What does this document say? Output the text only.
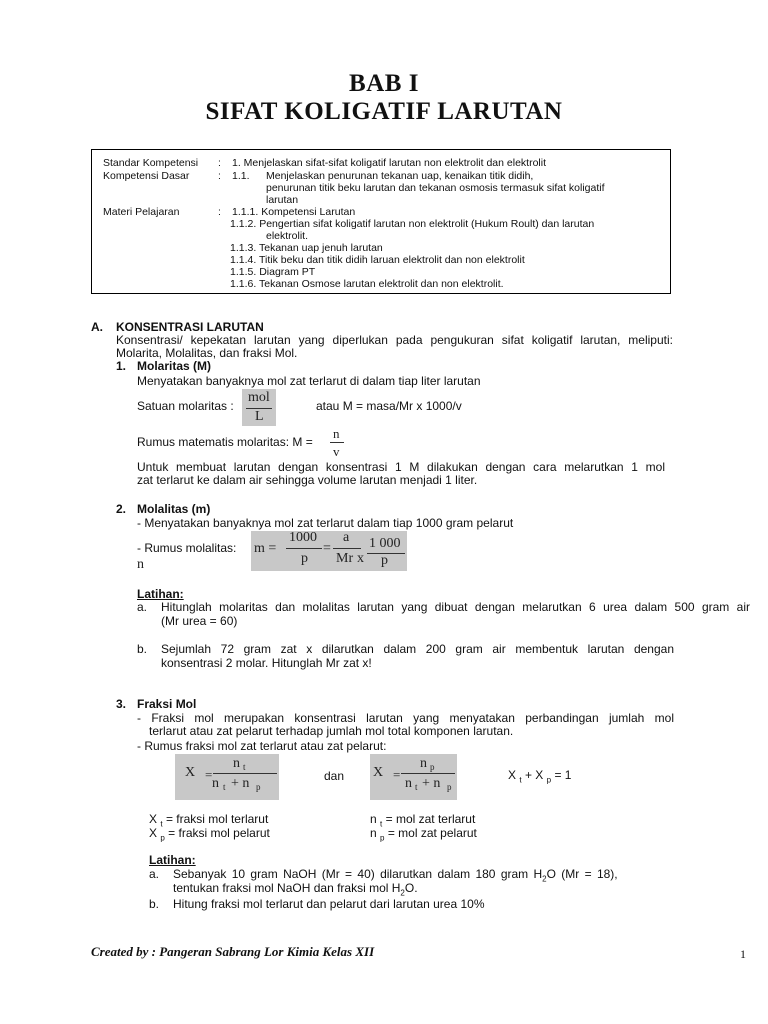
BAB I
SIFAT KOLIGATIF LARUTAN
Standar Kompetensi : 1. Menjelaskan sifat-sifat koligatif larutan non elektrolit dan elektrolit
Kompetensi Dasar	: 1.1. Menjelaskan penurunan tekanan uap, kenaikan titik didih,
penurunan titik beku larutan dan tekanan osmosis termasuk sifat koligatif
larutan
Materi Pelajaran	: 1.1.1. Kompetensi Larutan
1.1.2. Pengertian sifat koligatif larutan non elektrolit (Hukum Roult) dan larutan
elektrolit.
1.1.3. Tekanan uap jenuh larutan
1.1.4. Titik beku dan titik didih laruan elektrolit dan non elektrolit
1.1.5. Diagram PT
1.1.6. Tekanan Osmose larutan elektrolit dan non elektrolit.
A. KONSENTRASI LARUTAN
Konsentrasi/ kepekatan larutan yang diperlukan pada pengukuran sifat koligatif larutan, meliputi:
Molarita, Molalitas, dan fraksi Mol.
1. Molaritas (M)
Menyatakan banyaknya mol zat terlarut di dalam tiap liter larutan
Satuan molaritas :
mol
L
atau M = masa/Mr x 1000/v
Rumus matematis molaritas: M =
n
v
Untuk membuat larutan dengan konsentrasi 1 M dilakukan dengan cara melarutkan 1 mol
zat terlarut ke dalam air sehingga volume larutan menjadi 1 liter.
2. Molalitas (m)
- Menyatakan banyaknya mol zat terlarut dalam tiap 1000 gram pelarut
- Rumus molalitas: m =
1000
p
=
a
Mr x
1 000
p
n
Latihan:
a. Hitunglah molaritas dan molalitas larutan yang dibuat dengan melarutkan 6 urea dalam 500 gram air
(Mr urea = 60)
b. Sejumlah 72 gram zat x dilarutkan dalam 200 gram air membentuk larutan dengan
konsentrasi 2 molar. Hitunglah Mr zat x!
3. Fraksi Mol
- Fraksi mol merupakan konsentrasi larutan yang menyatakan perbandingan jumlah mol
terlarut atau zat pelarut terhadap jumlah mol total komponen larutan.
- Rumus fraksi mol zat terlarut atau zat pelarut:
X =
n t
n t + n p
dan X =
n p
n t + n p
X $_t$ + X $_p$ = 1
X $_t$ = fraksi mol terlarut
X $_p$ = fraksi mol pelarut
n $_t$ = mol zat terlarut
n $_p$ = mol zat pelarut
Latihan:
a. Sebanyak 10 gram NaOH (Mr = 40) dilarutkan dalam 180 gram $H_2O$ (Mr = 18),
tentukan fraksi mol NaOH dan fraksi mol $H_2O$.
b. Hitung fraksi mol terlarut dan pelarut dari larutan urea 10%
Created by : Pangeran Sabrang Lor Kimia Kelas XII	1
